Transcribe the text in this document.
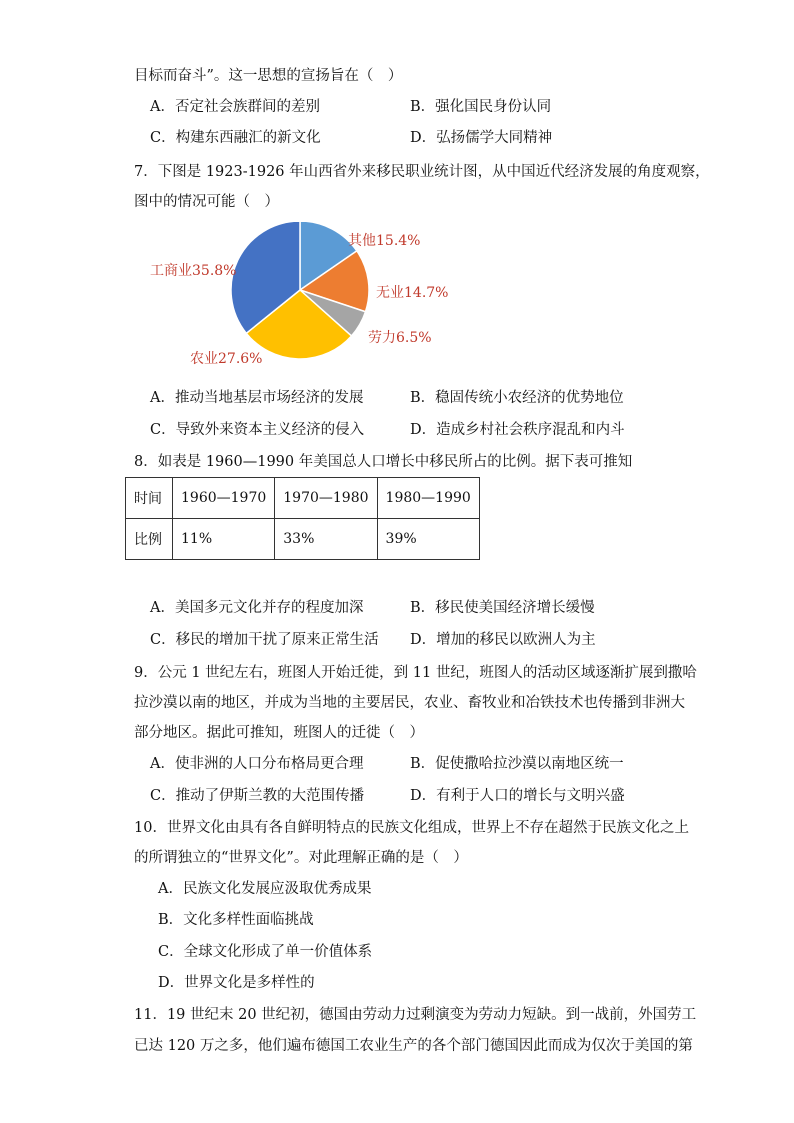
目标而奋斗”。这一思想的宣扬旨在（　）
A．否定社会族群间的差别	B．强化国民身份认同
C．构建东西融汇的新文化	D．弘扬儒学大同精神
7．下图是 1923-1926 年山西省外来移民职业统计图，从中国近代经济发展的角度观察，
图中的情况可能（　）
其他15.4%
无业14.7%
劳力6.5%
农业27.6%
工商业35.8%
A．推动当地基层市场经济的发展	B．稳固传统小农经济的优势地位
C．导致外来资本主义经济的侵入	D．造成乡村社会秩序混乱和内斗
8．如表是 1960—1990 年美国总人口增长中移民所占的比例。据下表可推知
时间	1960—1970	1970—1980	1980—1990
比例	11%	33%	39%
A．美国多元文化并存的程度加深	B．移民使美国经济增长缓慢
C．移民的增加干扰了原来正常生活 D．增加的移民以欧洲人为主
9．公元 1 世纪左右，班图人开始迁徙，到 11 世纪，班图人的活动区域逐渐扩展到撒哈
拉沙漠以南的地区，并成为当地的主要居民，农业、畜牧业和冶铁技术也传播到非洲大
部分地区。据此可推知，班图人的迁徙（　）
A．使非洲的人口分布格局更合理	B．促使撒哈拉沙漠以南地区统一
C．推动了伊斯兰教的大范围传播	D．有利于人口的增长与文明兴盛
10．世界文化由具有各自鲜明特点的民族文化组成，世界上不存在超然于民族文化之上
的所谓独立的“世界文化”。对此理解正确的是（　）
A．民族文化发展应汲取优秀成果
B．文化多样性面临挑战
C．全球文化形成了单一价值体系
D．世界文化是多样性的
11．19 世纪末 20 世纪初，德国由劳动力过剩演变为劳动力短缺。到一战前，外国劳工
已达 120 万之多，他们遍布德国工农业生产的各个部门德国因此而成为仅次于美国的第
